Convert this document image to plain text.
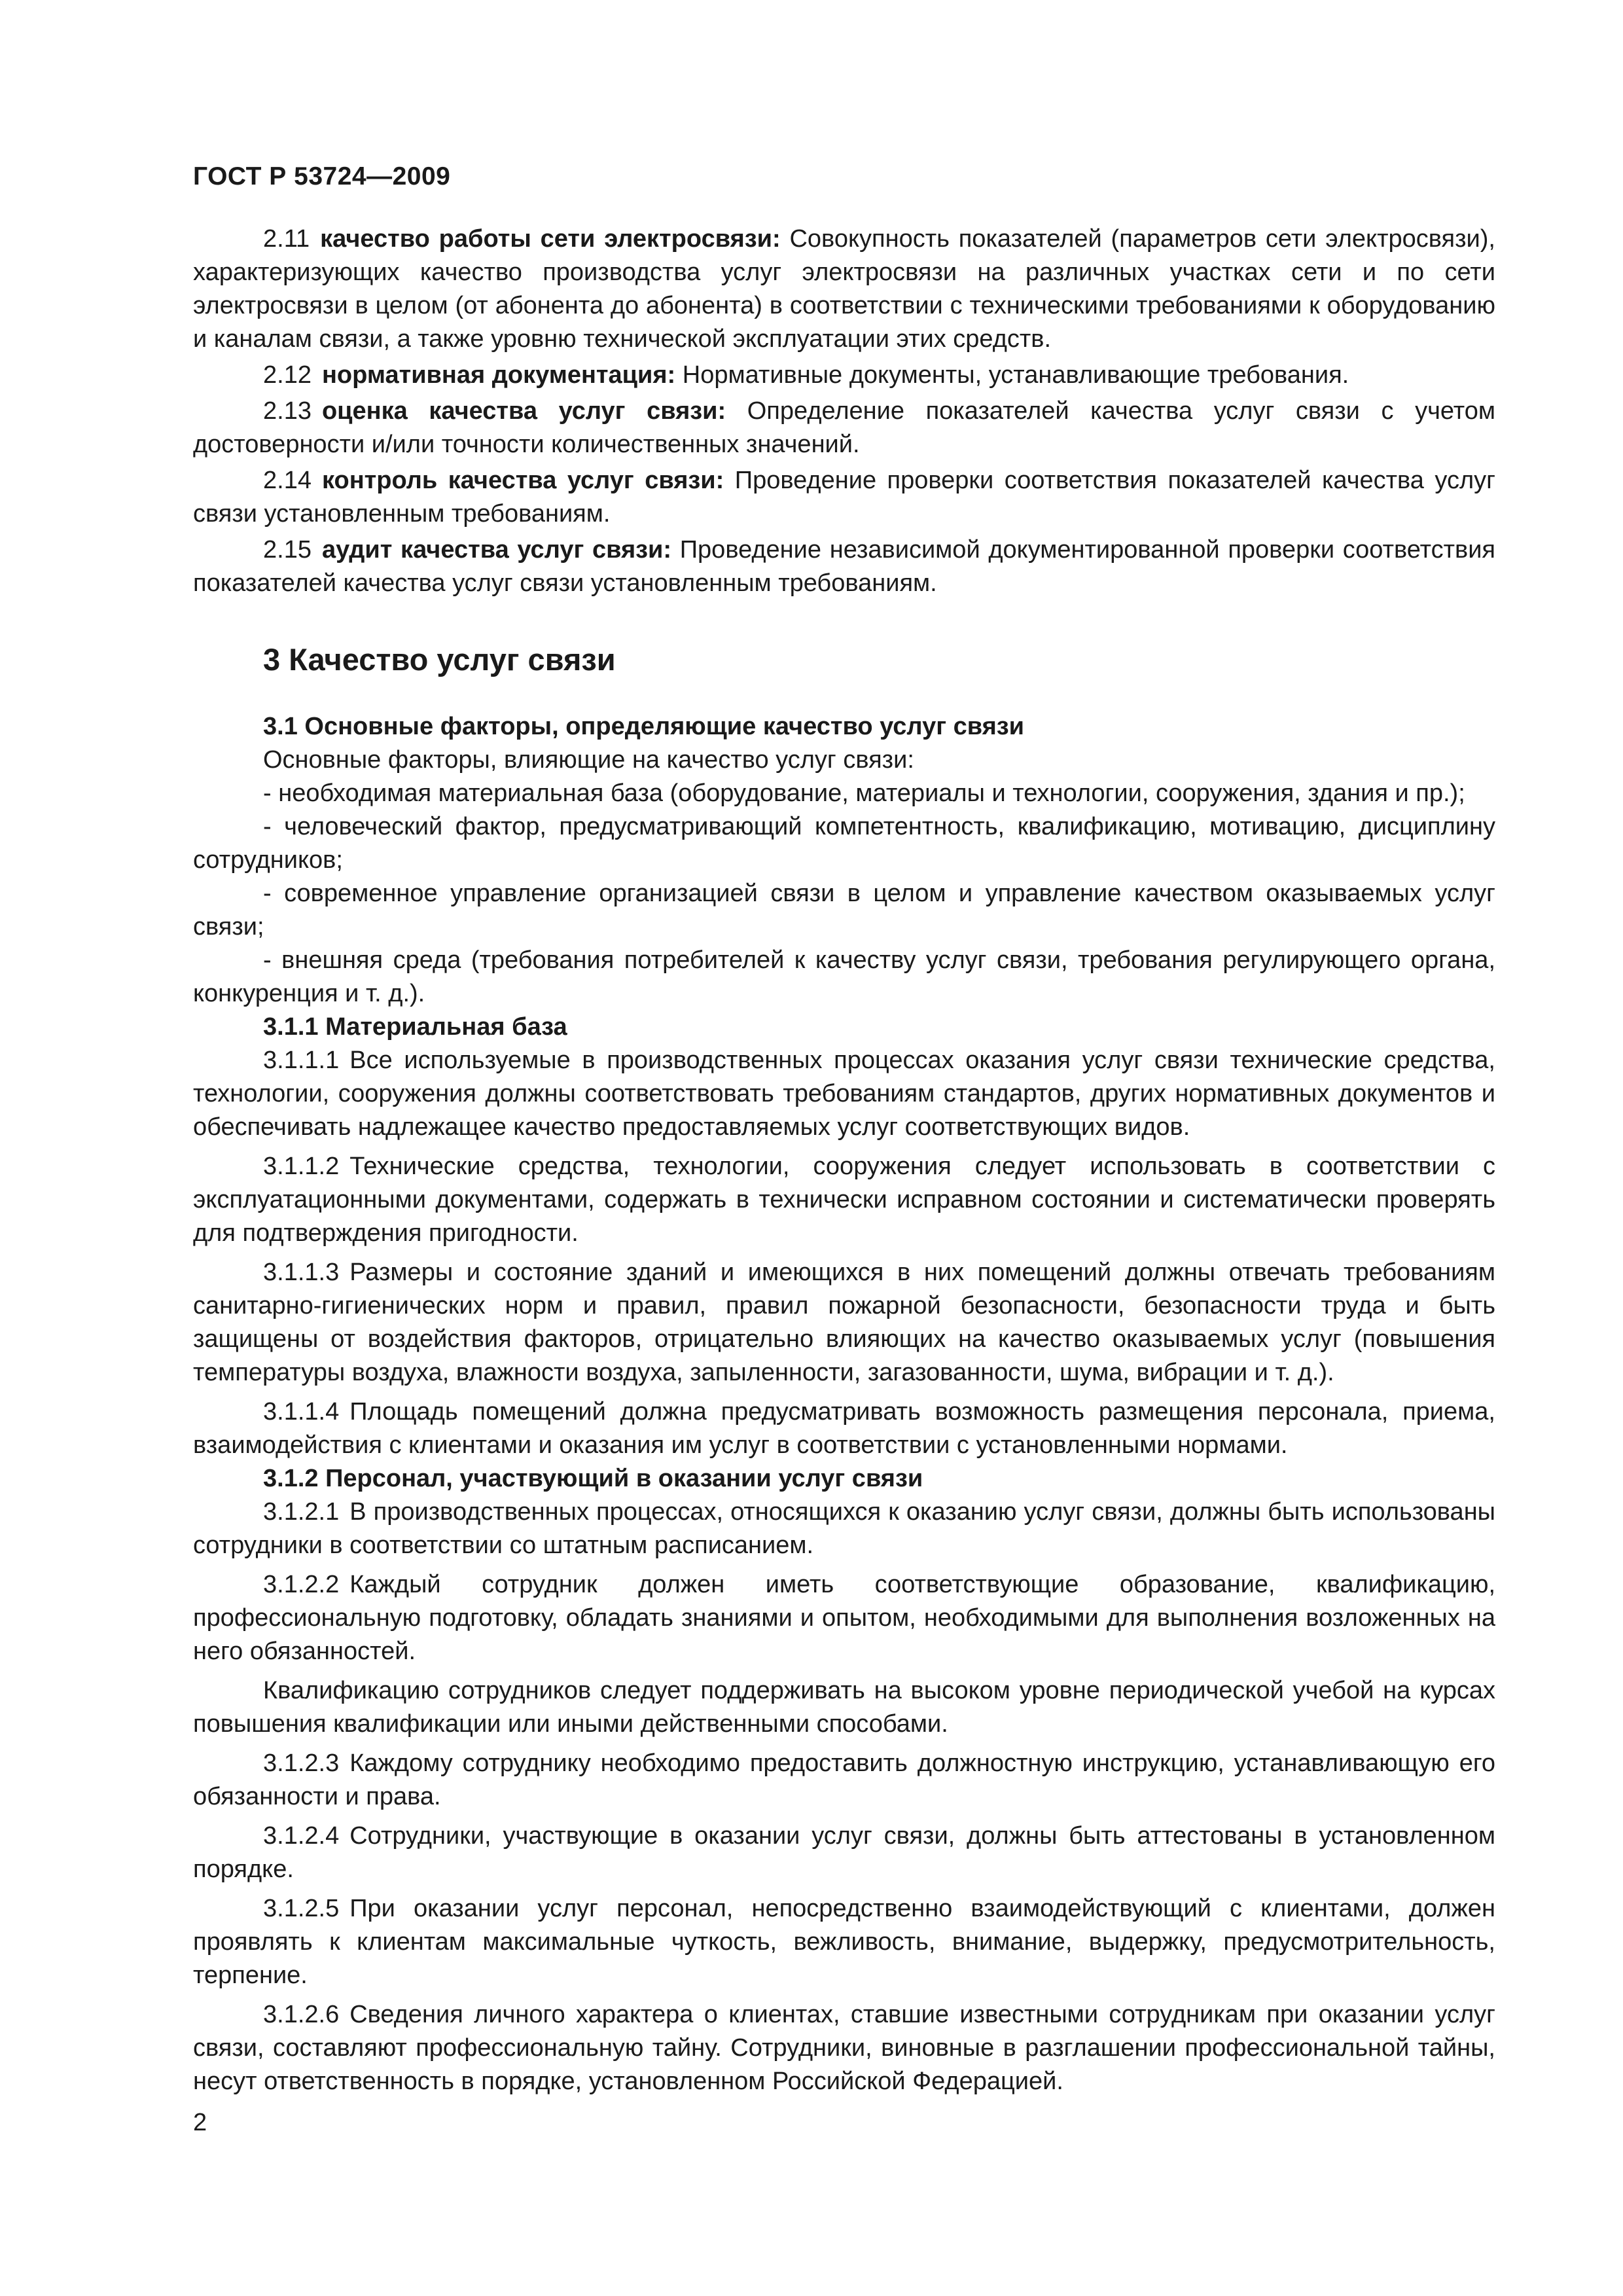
ГОСТ Р 53724—2009

2.11 качество работы сети электросвязи: Совокупность показателей (параметров сети электросвязи), характеризующих качество производства услуг электросвязи на различных участках сети и по сети электросвязи в целом (от абонента до абонента) в соответствии с техническими требованиями к оборудованию и каналам связи, а также уровню технической эксплуатации этих средств.

2.12 нормативная документация: Нормативные документы, устанавливающие требования.

2.13 оценка качества услуг связи: Определение показателей качества услуг связи с учетом достоверности и/или точности количественных значений.

2.14 контроль качества услуг связи: Проведение проверки соответствия показателей качества услуг связи установленным требованиям.

2.15 аудит качества услуг связи: Проведение независимой документированной проверки соответствия показателей качества услуг связи установленным требованиям.

3 Качество услуг связи

3.1 Основные факторы, определяющие качество услуг связи

Основные факторы, влияющие на качество услуг связи:

- необходимая материальная база (оборудование, материалы и технологии, сооружения, здания и пр.);

- человеческий фактор, предусматривающий компетентность, квалификацию, мотивацию, дисциплину сотрудников;

- современное управление организацией связи в целом и управление качеством оказываемых услуг связи;

- внешняя среда (требования потребителей к качеству услуг связи, требования регулирующего органа, конкуренция и т. д.).

3.1.1 Материальная база

3.1.1.1 Все используемые в производственных процессах оказания услуг связи технические средства, технологии, сооружения должны соответствовать требованиям стандартов, других нормативных документов и обеспечивать надлежащее качество предоставляемых услуг соответствующих видов.

3.1.1.2 Технические средства, технологии, сооружения следует использовать в соответствии с эксплуатационными документами, содержать в технически исправном состоянии и систематически проверять для подтверждения пригодности.

3.1.1.3 Размеры и состояние зданий и имеющихся в них помещений должны отвечать требованиям санитарно-гигиенических норм и правил, правил пожарной безопасности, безопасности труда и быть защищены от воздействия факторов, отрицательно влияющих на качество оказываемых услуг (повышения температуры воздуха, влажности воздуха, запыленности, загазованности, шума, вибрации и т. д.).

3.1.1.4 Площадь помещений должна предусматривать возможность размещения персонала, приема, взаимодействия с клиентами и оказания им услуг в соответствии с установленными нормами.

3.1.2 Персонал, участвующий в оказании услуг связи

3.1.2.1 В производственных процессах, относящихся к оказанию услуг связи, должны быть использованы сотрудники в соответствии со штатным расписанием.

3.1.2.2 Каждый сотрудник должен иметь соответствующие образование, квалификацию, профессиональную подготовку, обладать знаниями и опытом, необходимыми для выполнения возложенных на него обязанностей.

Квалификацию сотрудников следует поддерживать на высоком уровне периодической учебой на курсах повышения квалификации или иными действенными способами.

3.1.2.3 Каждому сотруднику необходимо предоставить должностную инструкцию, устанавливающую его обязанности и права.

3.1.2.4 Сотрудники, участвующие в оказании услуг связи, должны быть аттестованы в установленном порядке.

3.1.2.5 При оказании услуг персонал, непосредственно взаимодействующий с клиентами, должен проявлять к клиентам максимальные чуткость, вежливость, внимание, выдержку, предусмотрительность, терпение.

3.1.2.6 Сведения личного характера о клиентах, ставшие известными сотрудникам при оказании услуг связи, составляют профессиональную тайну. Сотрудники, виновные в разглашении профессиональной тайны, несут ответственность в порядке, установленном Российской Федерацией.

2
